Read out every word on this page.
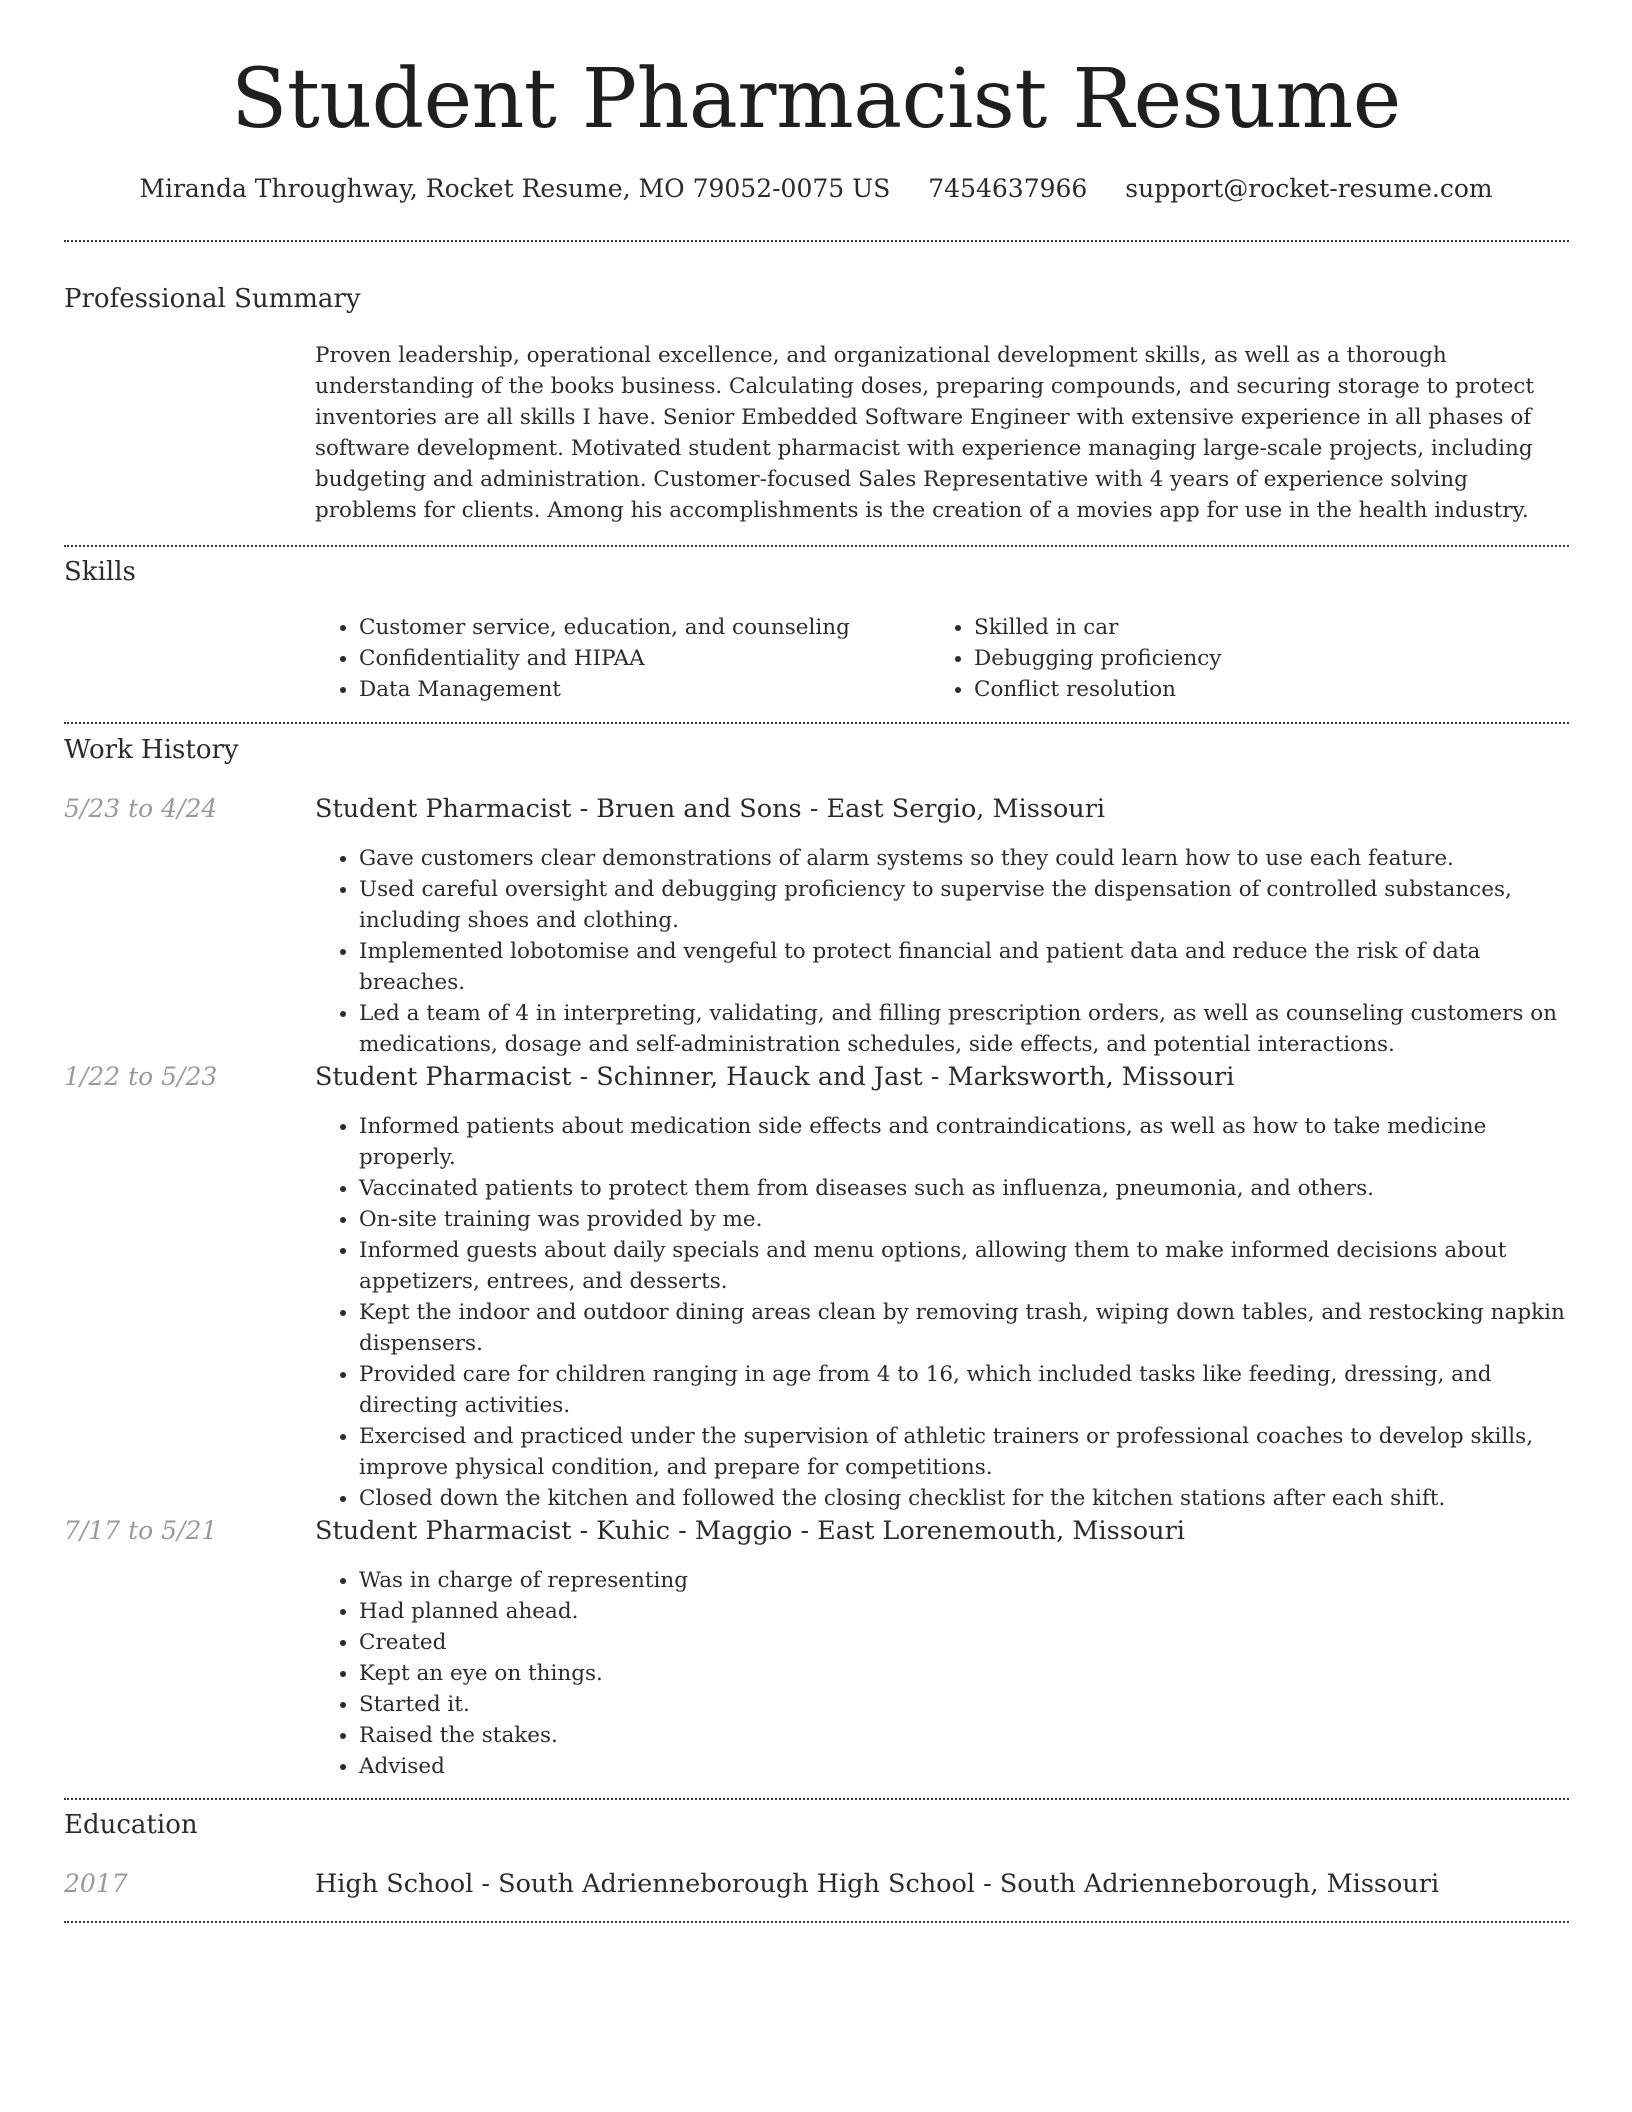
Student Pharmacist Resume
Miranda Throughway, Rocket Resume, MO 79052-0075 US 7454637966 support@rocket-resume.com
Professional Summary

Proven leadership, operational excellence, and organizational development skills, as well as a thorough understanding of the books business. Calculating doses, preparing compounds, and securing storage to protect inventories are all skills I have. Senior Embedded Software Engineer with extensive experience in all phases of software development. Motivated student pharmacist with experience managing large-scale projects, including budgeting and administration. Customer-focused Sales Representative with 4 years of experience solving problems for clients. Among his accomplishments is the creation of a movies app for use in the health industry.

Skills
• Customer service, education, and counseling
• Confidentiality and HIPAA
• Data Management
• Skilled in car
• Debugging proficiency
• Conflict resolution
Work History
5/23 to 4/24	Student Pharmacist - Bruen and Sons - East Sergio, Missouri
• Gave customers clear demonstrations of alarm systems so they could learn how to use each feature.
• Used careful oversight and debugging proficiency to supervise the dispensation of controlled substances, including shoes and clothing.
• Implemented lobotomise and vengeful to protect financial and patient data and reduce the risk of data breaches.
• Led a team of 4 in interpreting, validating, and filling prescription orders, as well as counseling customers on medications, dosage and self-administration schedules, side effects, and potential interactions.
1/22 to 5/23	Student Pharmacist - Schinner, Hauck and Jast - Marksworth, Missouri
• Informed patients about medication side effects and contraindications, as well as how to take medicine properly.
• Vaccinated patients to protect them from diseases such as influenza, pneumonia, and others.
• On-site training was provided by me.
• Informed guests about daily specials and menu options, allowing them to make informed decisions about appetizers, entrees, and desserts.
• Kept the indoor and outdoor dining areas clean by removing trash, wiping down tables, and restocking napkin dispensers.
• Provided care for children ranging in age from 4 to 16, which included tasks like feeding, dressing, and directing activities.
• Exercised and practiced under the supervision of athletic trainers or professional coaches to develop skills, improve physical condition, and prepare for competitions.
• Closed down the kitchen and followed the closing checklist for the kitchen stations after each shift.
7/17 to 5/21	Student Pharmacist - Kuhic - Maggio - East Lorenemouth, Missouri
• Was in charge of representing
• Had planned ahead.
• Created
• Kept an eye on things.
• Started it.
• Raised the stakes.
• Advised
Education
2017	High School - South Adrienneborough High School - South Adrienneborough, Missouri
